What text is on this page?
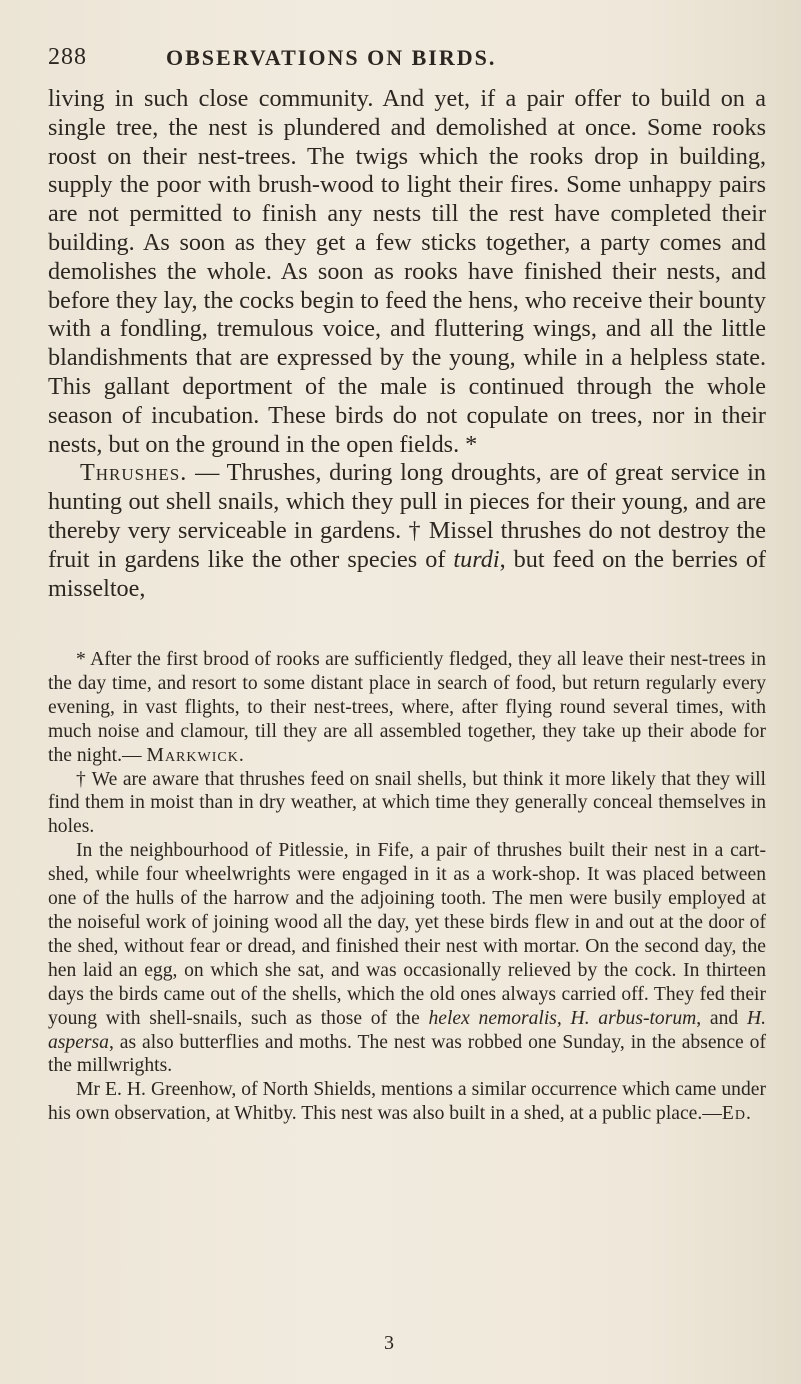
288	OBSERVATIONS ON BIRDS.

living in such close community. And yet, if a pair offer to build on a single tree, the nest is plundered and demolished at once. Some rooks roost on their nest-trees. The twigs which the rooks drop in building, supply the poor with brush-wood to light their fires. Some unhappy pairs are not permitted to finish any nests till the rest have completed their building. As soon as they get a few sticks together, a party comes and demolishes the whole. As soon as rooks have finished their nests, and before they lay, the cocks begin to feed the hens, who receive their bounty with a fondling, tremulous voice, and fluttering wings, and all the little blandishments that are expressed by the young, while in a helpless state. This gallant deportment of the male is continued through the whole season of incubation. These birds do not copulate on trees, nor in their nests, but on the ground in the open fields. *

Thrushes. — Thrushes, during long droughts, are of great service in hunting out shell snails, which they pull in pieces for their young, and are thereby very serviceable in gardens. † Missel thrushes do not destroy the fruit in gardens like the other species of turdi, but feed on the berries of misseltoe,

* After the first brood of rooks are sufficiently fledged, they all leave their nest-trees in the day time, and resort to some distant place in search of food, but return regularly every evening, in vast flights, to their nest-trees, where, after flying round several times, with much noise and clamour, till they are all assembled together, they take up their abode for the night.— Markwick.

† We are aware that thrushes feed on snail shells, but think it more likely that they will find them in moist than in dry weather, at which time they generally conceal themselves in holes.

In the neighbourhood of Pitlessie, in Fife, a pair of thrushes built their nest in a cart-shed, while four wheelwrights were engaged in it as a work-shop. It was placed between one of the hulls of the harrow and the adjoining tooth. The men were busily employed at the noiseful work of joining wood all the day, yet these birds flew in and out at the door of the shed, without fear or dread, and finished their nest with mortar. On the second day, the hen laid an egg, on which she sat, and was occasionally relieved by the cock. In thirteen days the birds came out of the shells, which the old ones always carried off. They fed their young with shell-snails, such as those of the helex nemoralis, H. arbus-torum, and H. aspersa, as also butterflies and moths. The nest was robbed one Sunday, in the absence of the millwrights.

Mr E. H. Greenhow, of North Shields, mentions a similar occurrence which came under his own observation, at Whitby. This nest was also built in a shed, at a public place.—Ed.

3
